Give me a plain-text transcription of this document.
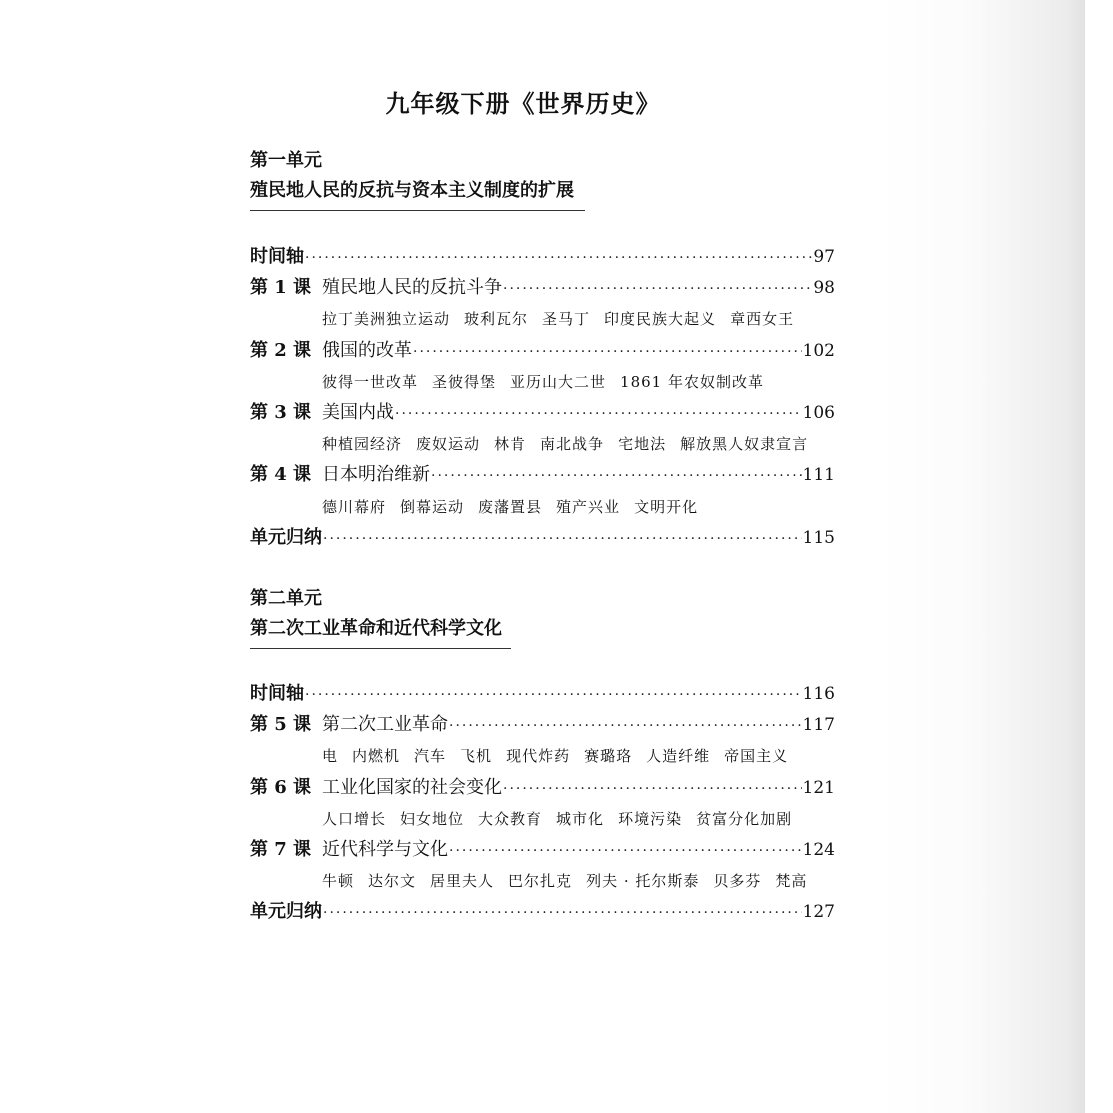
九年级下册《世界历史》
第一单元
殖民地人民的反抗与资本主义制度的扩展
时间轴 ·····	97
第 1 课 殖民地人民的反抗斗争 ·····	98
拉丁美洲独立运动 玻利瓦尔 圣马丁 印度民族大起义 章西女王
第 2 课 俄国的改革 ·····	102
彼得一世改革 圣彼得堡 亚历山大二世 1861 年农奴制改革
第 3 课 美国内战 ·····	106
种植园经济 废奴运动 林肯 南北战争 宅地法 解放黑人奴隶宣言
第 4 课 日本明治维新 ·····	111
德川幕府 倒幕运动 废藩置县 殖产兴业 文明开化
单元归纳 ·····	115
第二单元
第二次工业革命和近代科学文化
时间轴 ·····	116
第 5 课 第二次工业革命 ·····	117
电 内燃机 汽车 飞机 现代炸药 赛璐珞 人造纤维 帝国主义
第 6 课 工业化国家的社会变化 ·····	121
人口增长 妇女地位 大众教育 城市化 环境污染 贫富分化加剧
第 7 课 近代科学与文化 ·····	124
牛顿 达尔文 居里夫人 巴尔扎克 列夫 · 托尔斯泰 贝多芬 梵高
单元归纳 ·····	127
